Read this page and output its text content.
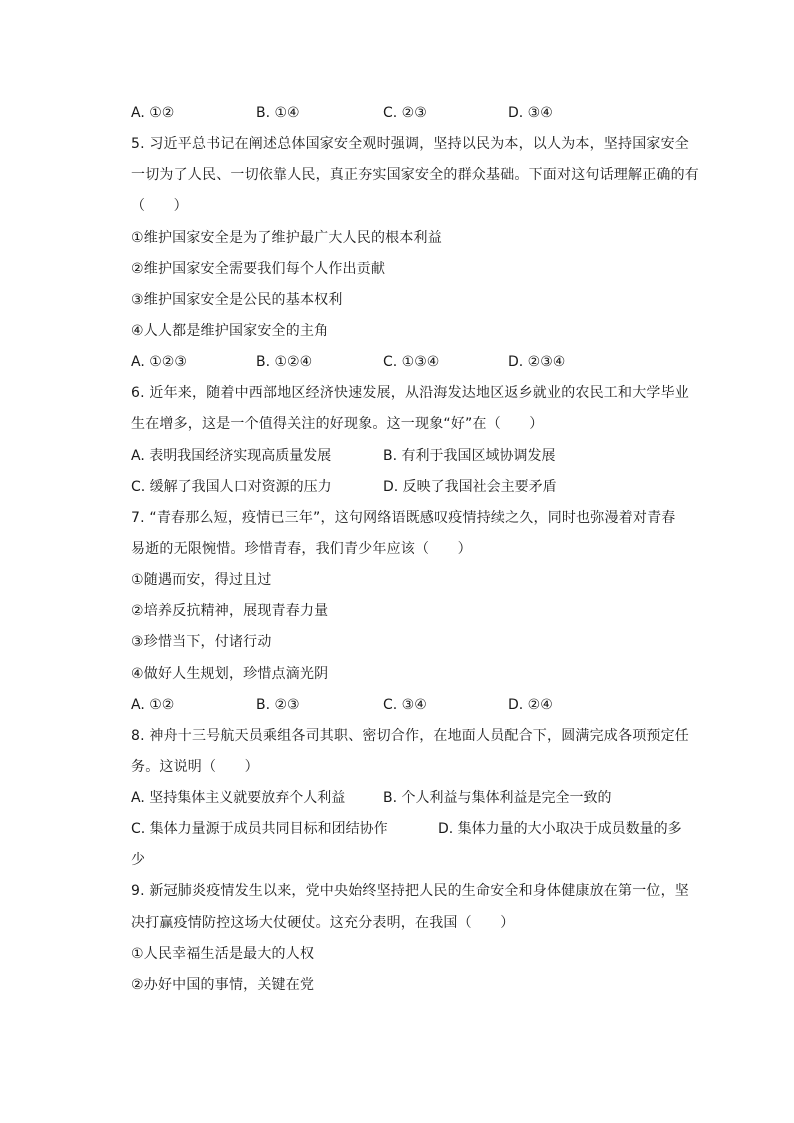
A. ①②	B. ①④	C. ②③	D. ③④
5. 习近平总书记在阐述总体国家安全观时强调，坚持以民为本，以人为本，坚持国家安全
一切为了人民、一切依靠人民，真正夯实国家安全的群众基础。下面对这句话理解正确的有
（　　）
①维护国家安全是为了维护最广大人民的根本利益
②维护国家安全需要我们每个人作出贡献
③维护国家安全是公民的基本权利
④人人都是维护国家安全的主角
A. ①②③	B. ①②④	C. ①③④	D. ②③④
6. 近年来，随着中西部地区经济快速发展，从沿海发达地区返乡就业的农民工和大学毕业
生在增多，这是一个值得关注的好现象。这一现象“好”在（　　）
A. 表明我国经济实现高质量发展	B. 有利于我国区域协调发展
C. 缓解了我国人口对资源的压力	D. 反映了我国社会主要矛盾
7. “青春那么短，疫情已三年”，这句网络语既感叹疫情持续之久，同时也弥漫着对青春
易逝的无限惋惜。珍惜青春，我们青少年应该（　　）
①随遇而安，得过且过
②培养反抗精神，展现青春力量
③珍惜当下，付诸行动
④做好人生规划，珍惜点滴光阴
A. ①②	B. ②③	C. ③④	D. ②④
8. 神舟十三号航天员乘组各司其职、密切合作，在地面人员配合下，圆满完成各项预定任
务。这说明（　　）
A. 坚持集体主义就要放弃个人利益	B. 个人利益与集体利益是完全一致的
C. 集体力量源于成员共同目标和团结协作	D. 集体力量的大小取决于成员数量的多
少
9. 新冠肺炎疫情发生以来，党中央始终坚持把人民的生命安全和身体健康放在第一位，坚
决打赢疫情防控这场大仗硬仗。这充分表明，在我国（　　）
①人民幸福生活是最大的人权
②办好中国的事情，关键在党
